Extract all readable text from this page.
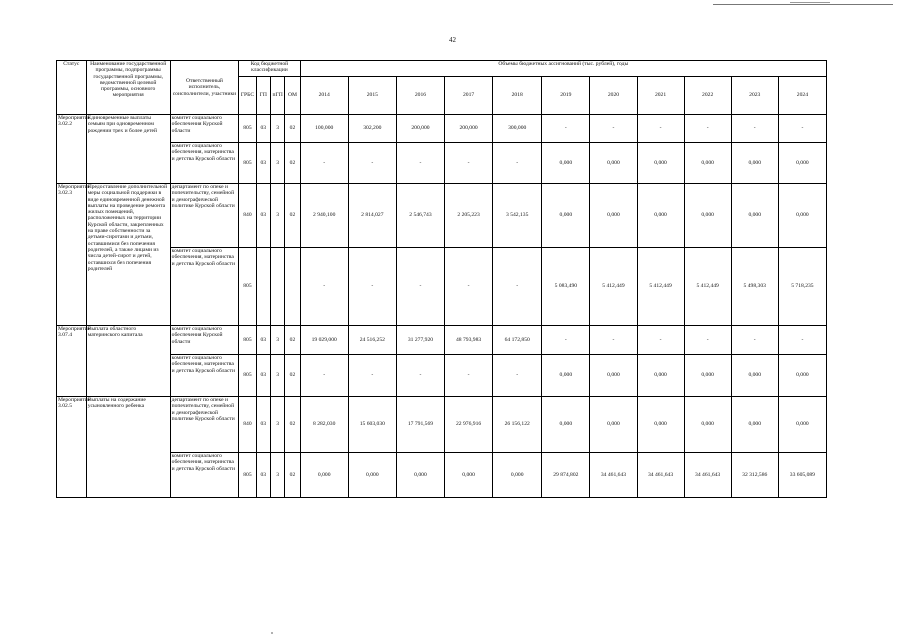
42
Статус	Наименование государственной программы, подпрограммы государственной программы, ведомственной целевой программы, основного мероприятия	Ответственный исполнитель, соисполнители, участники	Код бюджетной классификации				Объемы бюджетных ассигнований (тыс. рублей), годы										
			ГРБС	ГП	пГП	ОМ	2014	2015	2016	2017	2018	2019	2020	2021	2022	2023	2024
Мероприятие 3.02.2	Единовременные выплаты семьям при одновременном рождении трех и более детей	комитет социального обеспечения Курской области	805	03	3	02	100,000	302,200	200,000	200,000	300,000	-	-	-	-	-	-
		комитет социального обеспечения, материнства и детства Курской области	805	03	3	02	-	-	-	-	-	0,000	0,000	0,000	0,000	0,000	0,000
Мероприятие 3.02.3	Предоставление дополнительной меры социальной поддержки в виде единовременной денежной выплаты на проведение ремонта жилых помещений, расположенных на территории Курской области, закрепленных на праве собственности за детьми-сиротами и детьми, оставшимися без попечения родителей, а также лицами из числа детей-сирот и детей, оставшихся без попечения родителей	департамент по опеке и попечительству, семейной и демографической политике Курской области	840	03	3	02	2 940,100	2 814,027	2 546,743	2 205,223	3 542,135	0,000	0,000	0,000	0,000	0,000	0,000
		комитет социального обеспечения, материнства и детства Курской области	805				-	-	-	-	-	5 083,490	5 412,449	5 412,449	5 412,449	5 498,303	5 718,235
Мероприятие 3.07.4	Выплата областного материнского капитала	комитет социального обеспечения Курской области	805	03	3	02	19 029,000	24 516,252	31 277,920	48 793,983	64 172,850	-	-	-	-	-	-
		комитет социального обеспечения, материнства и детства Курской области	805	03	3	02	-	-	-	-	-	0,000	0,000	0,000	0,000	0,000	0,000
Мероприятие 3.02.5	Выплаты на содержание усыновленного ребенка	департамент по опеке и попечительству, семейной и демографической политике Курской области	840	03	3	02	8 282,030	15 603,030	17 791,569	22 976,916	26 156,122	0,000	0,000	0,000	0,000	0,000	0,000
		комитет социального обеспечения, материнства и детства Курской области	805	03	3	02	0,000	0,000	0,000	0,000	0,000	29 874,802	34 461,643	34 461,643	34 461,643	32 312,586	33 605,089
